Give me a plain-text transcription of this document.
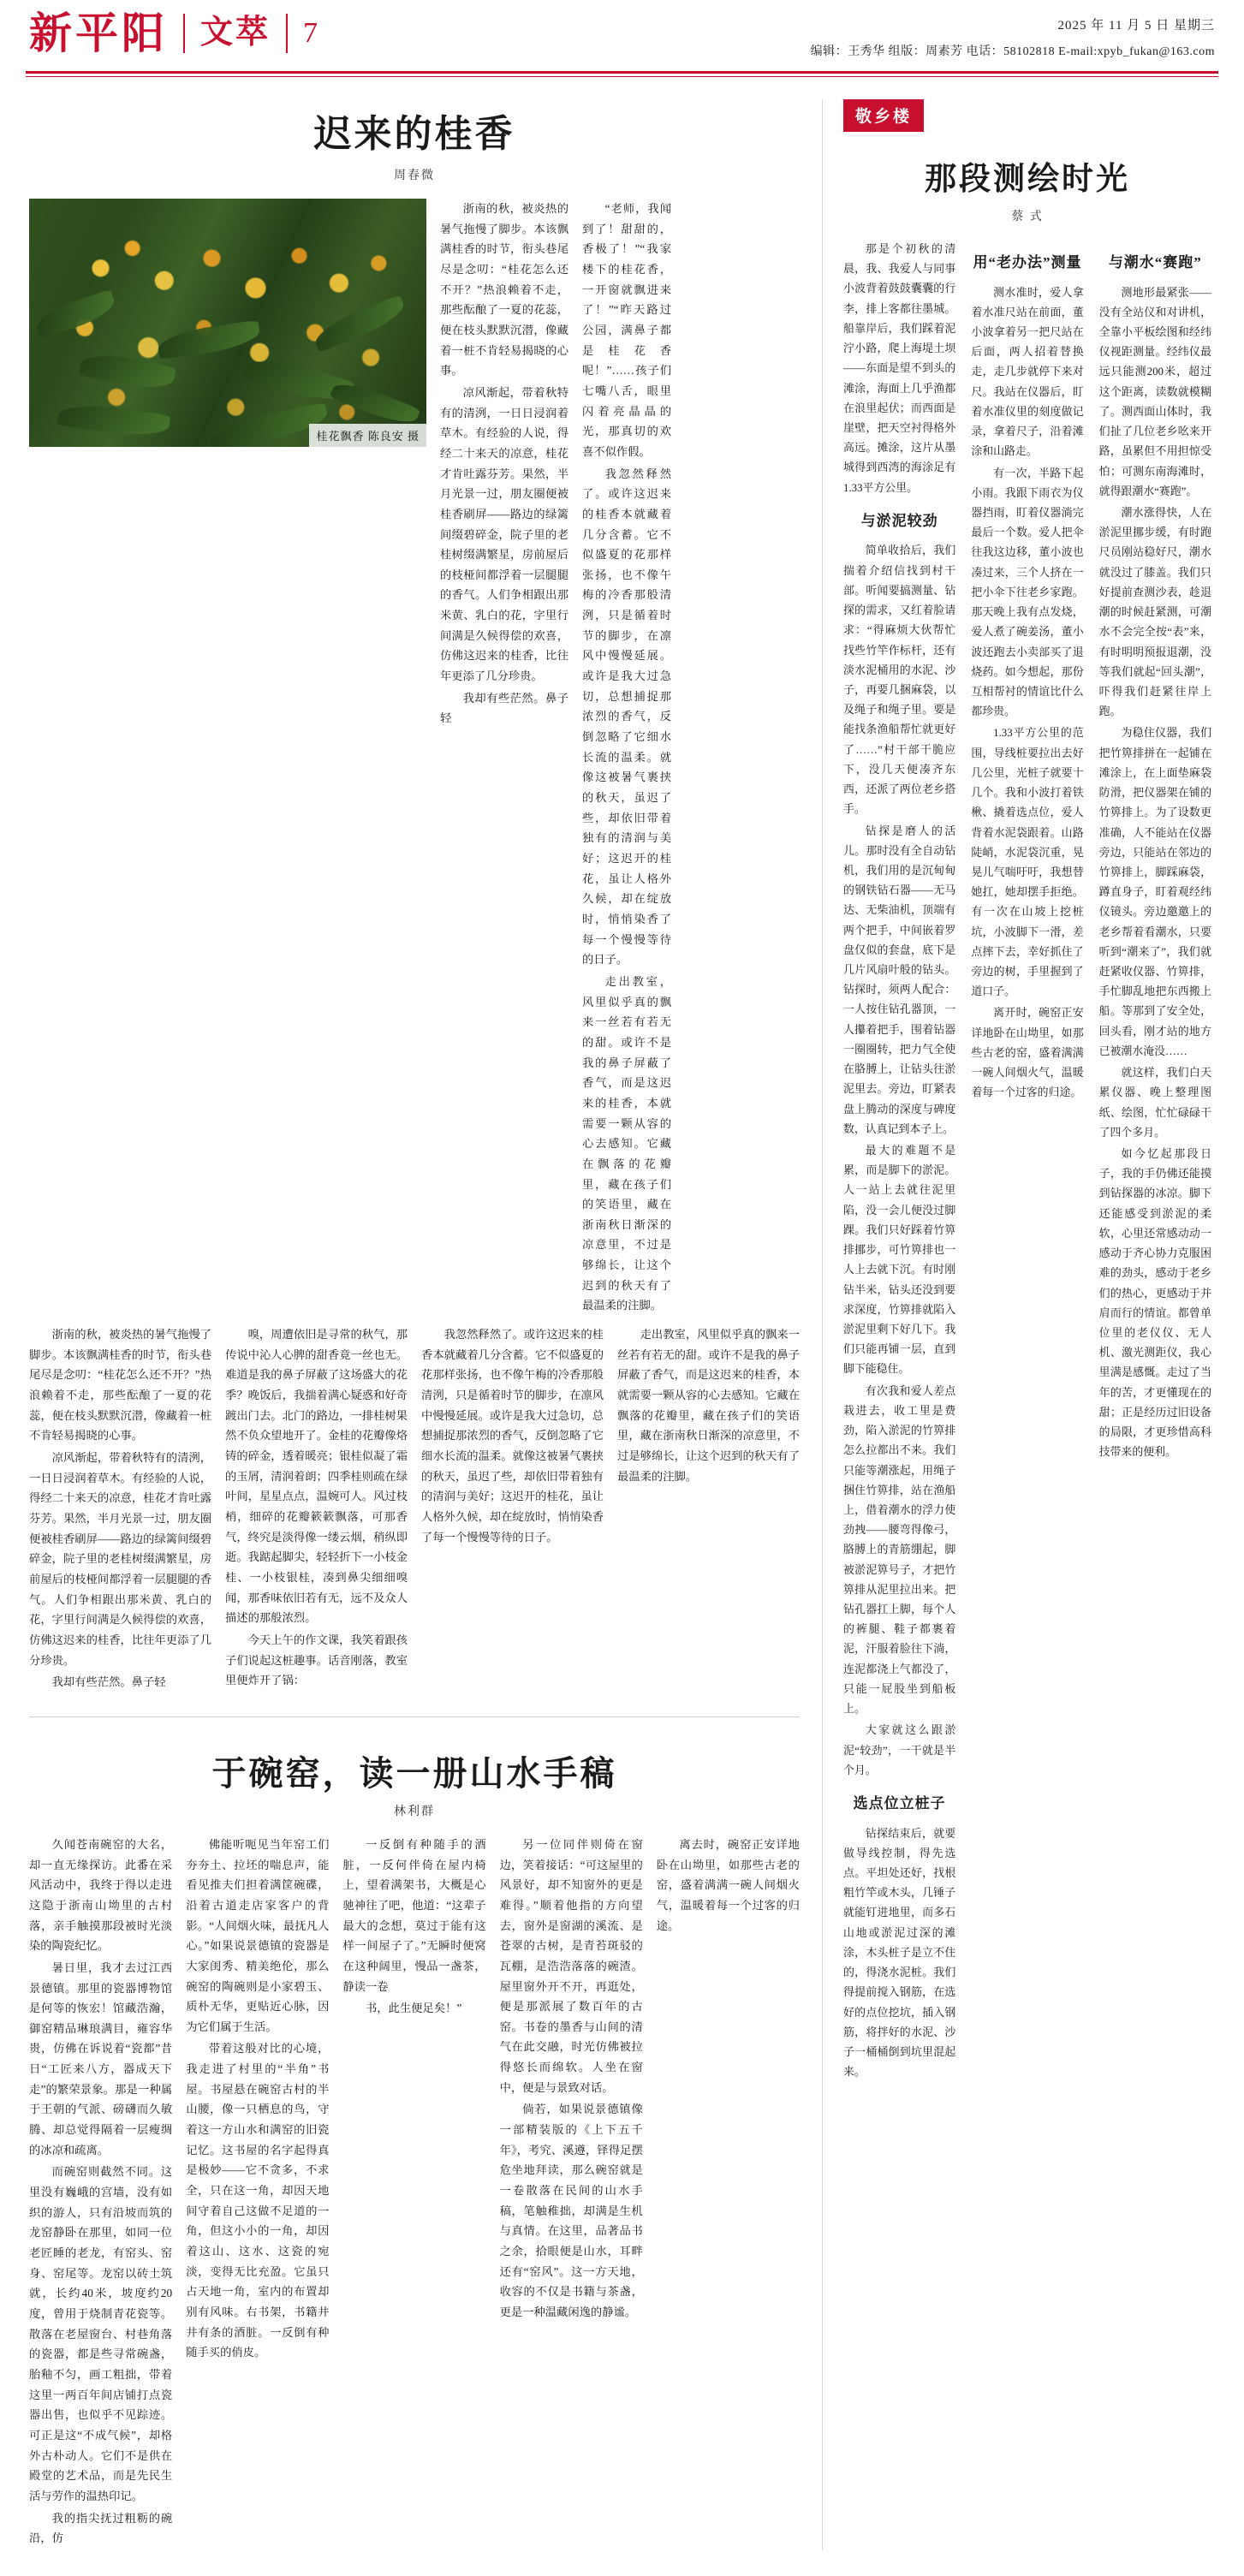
新平阳	文萃	7	2025 年 11 月 5 日 星期三
编辑：王秀华 组版：周素芳 电话：58102818 E-mail:xpyb_fukan@163.com
迟来的桂香
周春微
桂花飘香 陈良安 摄

浙南的秋，被炎热的暑气拖慢了脚步。本该飘满桂香的时节，衔头巷尾尽是念叨：“桂花怎么还不开？”热浪赖着不走，那些酝酿了一夏的花蕊，便在枝头默默沉潜，像藏着一桩不肯轻易揭晓的心事。

凉风渐起，带着秋特有的清洌，一日日浸润着草木。有经验的人说，得经二十来天的凉意，桂花才肯吐露芬芳。果然，半月光景一过，朋友圈便被桂香刷屏——路边的绿篱间缀碧碎金，院子里的老桂树缀满繁星，房前屋后的枝桠间都浮着一层腿腿的香气。人们争相跟出那米黄、乳白的花，字里行间满是久候得偿的欢喜，仿佛这迟来的桂香，比往年更添了几分珍贵。

我却有些茫然。鼻子轻

“老师，我闻到了！甜甜的，香极了！”“我家楼下的桂花香，一开窗就飘进来了！”“昨天路过公园，满鼻子都是桂花香呢！”……孩子们七嘴八舌，眼里闪着亮晶晶的光，那真切的欢喜不似作假。

我忽然释然了。或许这迟来的桂香本就藏着几分含蓄。它不似盛夏的花那样张扬，也不像午梅的冷香那般清洌，只是循着时节的脚步，在凛风中慢慢延展。或许是我大过急切，总想捕捉那浓烈的香气，反倒忽略了它细水长流的温柔。就像这被暑气裹挟的秋天，虽迟了些，却依旧带着独有的清润与美好；这迟开的桂花，虽让人格外久候，却在绽放时，悄悄染香了每一个慢慢等待的日子。

走出教室，风里似乎真的飘来一丝若有若无的甜。或许不是我的鼻子屏蔽了香气，而是这迟来的桂香，本就需要一颗从容的心去感知。它藏在飘落的花瓣里，藏在孩子们的笑语里，藏在浙南秋日渐深的凉意里，不过是够绵长，让这个迟到的秋天有了最温柔的注脚。

浙南的秋，被炎热的暑气拖慢了脚步。本该飘满桂香的时节，衔头巷尾尽是念叨：“桂花怎么还不开？”热浪赖着不走，那些酝酿了一夏的花蕊，便在枝头默默沉潜，像藏着一桩不肯轻易揭晓的心事。

凉风渐起，带着秋特有的清洌，一日日浸润着草木。有经验的人说，得经二十来天的凉意，桂花才肯吐露芬芳。果然，半月光景一过，朋友圈便被桂香刷屏——路边的绿篱间缀碧碎金，院子里的老桂树缀满繁星，房前屋后的枝桠间都浮着一层腿腿的香气。人们争相跟出那米黄、乳白的花，字里行间满是久候得偿的欢喜，仿佛这迟来的桂香，比往年更添了几分珍贵。

我却有些茫然。鼻子轻

嗅，周遭依旧是寻常的秋气，那传说中沁人心脾的甜香竟一丝也无。难道是我的鼻子屏蔽了这场盛大的花季？晚饭后，我揣着满心疑惑和好奇踱出门去。北门的路边，一排桂树果然不负众望地开了。金桂的花瓣像烙铸的碎金，透着暖亮；银桂似凝了霜的玉屑，清润着朗；四季桂则疏在绿叶间，星星点点，温婉可人。风过枝梢，细碎的花瓣簌簌飘落，可那香气，终究是淡得像一缕云烟，稍纵即逝。我踮起脚尖，轻轻折下一小枝金桂、一小枝银桂，凑到鼻尖细细嗅闻，那香味依旧若有无，远不及众人描述的那般浓烈。

今天上午的作文课，我笑着跟孩子们说起这桩趣事。话音刚落，教室里便炸开了锅：

我忽然释然了。或许这迟来的桂香本就藏着几分含蓄。它不似盛夏的花那样张扬，也不像午梅的冷香那般清洌，只是循着时节的脚步，在凛风中慢慢延展。或许是我大过急切，总想捕捉那浓烈的香气，反倒忽略了它细水长流的温柔。就像这被暑气裹挟的秋天，虽迟了些，却依旧带着独有的清润与美好；这迟开的桂花，虽让人格外久候，却在绽放时，悄悄染香了每一个慢慢等待的日子。

走出教室，风里似乎真的飘来一丝若有若无的甜。或许不是我的鼻子屏蔽了香气，而是这迟来的桂香，本就需要一颗从容的心去感知。它藏在飘落的花瓣里，藏在孩子们的笑语里，藏在浙南秋日渐深的凉意里，不过是够绵长，让这个迟到的秋天有了最温柔的注脚。

于碗窑，读一册山水手稿
林利群

久闻苍南碗窑的大名，却一直无缘探访。此番在采风活动中，我终于得以走进这隐于浙南山坳里的古村落，亲手触摸那段被时光淡染的陶瓷纪忆。

暑日里，我才去过江西景德镇。那里的瓷器博物馆是何等的恢宏！馆藏浩瀚，御窑精品琳琅满目，雍容华贵，仿佛在诉说着“瓷都”昔日“工匠来八方，器成天下走”的繁荣景象。那是一种属于王朝的气派、磅礴而久敏腾、却总觉得隔着一层瘦绸的冰凉和疏离。

而碗窑则截然不同。这里没有巍峨的宫墙，没有如织的游人，只有沿坡而筑的龙窑静卧在那里，如同一位老匠睡的老龙，有窑头、窑身、窑尾等。龙窑以砖土筑就，长约40米，坡度约20度，曾用于烧制青花瓷等。散落在老屋窗台、村巷角落的瓷器，都是些寻常碗盏，胎釉不匀，画工粗拙，带着这里一两百年间店铺打点瓷器出售，也似乎不见踪迹。可正是这“不成气候”，却格外古朴动人。它们不是供在殿堂的艺术品，而是先民生活与劳作的温热印记。

我的指尖抚过粗粝的碗沿，仿

佛能听呃见当年窑工们夯夯土、拉坯的喘息声，能看见推夫们担着满筐碗碟，沿着古道走店家客户的背影。“人间烟火味，最抚凡人心。”如果说景德镇的瓷器是大家闺秀、精美绝伦，那么碗窑的陶碗则是小家碧玉、质朴无华，更贴近心脉，因为它们属于生活。

带着这般对比的心境，我走进了村里的“半角”书屋。书屋悬在碗窑古村的半山腰，像一只栖息的鸟，守着这一方山水和满窑的旧瓷记忆。这书屋的名字起得真是极妙——它不贪多，不求全，只在这一角，却因天地间守着自己这做不足道的一角，但这小小的一角，却因着这山、这水、这瓷的宛淡，变得无比充盈。它虽只占天地一角，室内的布置却别有风味。右书架，书籍井井有条的酒脏。一反倒有种随手买的俏皮。

一反倒有种随手的酒脏，一反何伴倚在屋内椅上，望着满架书，大概是心驰神往了吧，他道：“这辈子最大的念想，莫过于能有这样一间屋子了。”无瞬时便窝在这种阔里，慢品一盏茶，静读一卷

书，此生便足矣！”

另一位同伴则倚在窗边，笑着接话：“可这屋里的风景好，却不知窗外的更是难得。”顺着他指的方向望去，窗外是窗湖的溪流、是苍翠的古树，是青苔斑驳的瓦棚，是浩浩落落的碗渣。屋里窗外开不开，再逛处，便是那派展了数百年的古窑。书卷的墨香与山间的清气在此交融，时光仿佛被拉得悠长而绵软。人坐在窗中，便是与景致对话。

倘若，如果说景德镇像一部精装版的《上下五千年》，考究、溪遵，铎得足摆危坐地拜读，那么碗窑就是一卷散落在民间的山水手稿，笔触稚拙，却满是生机与真情。在这里，品著品书之余，拾眼便是山水，耳畔还有“窑风”。这一方天地，收容的不仅是书籍与茶盏，更是一种温藏闲逸的静谧。

离去时，碗窑正安详地卧在山坳里，如那些古老的窑，盛着满满一碗人间烟火气，温暖着每一个过客的归途。

敬乡楼
那段测绘时光
蔡 式

那是个初秋的清晨，我、我爱人与同事小波背着鼓鼓囊囊的行李，排上客都往墨城。船靠岸后，我们踩着泥泞小路，爬上海堤土坝——东面是望不到头的滩涂，海面上几乎渔都在浪里起伏；而西面是崖壁，把天空衬得格外高远。摊涂，这片从墨城得到西湾的海涂足有1.33平方公里。

与淤泥较劲

简单收拾后，我们揣着介绍信找到村干部。听闻要搞测量、钻探的需求，又红着脸请求：“得麻烦大伙帮忙找些竹竿作标杆，还有淡水泥桶用的水泥、沙子，再要几捆麻袋，以及绳子和绳子里。要是能找条渔船帮忙就更好了……”村干部干脆应下，没几天便凑齐东西，还派了两位老乡搭手。

钻探是磨人的活儿。那时没有全自动钻机，我们用的是沉甸甸的钢铁钻石器——无马达、无柴油机，顶端有两个把手，中间嵌着罗盘仅似的套盘，底下是几片风扇叶般的钻头。钻探时，须两人配合：一人按住钻孔器顶，一人攥着把手，围着钻器一圈圈转，把力气全使在胳膊上，让钻头往淤泥里去。旁边，盯紧表盘上腾动的深度与碑度数，认真记到本子上。

最大的难题不是累，而是脚下的淤泥。人一站上去就往泥里陷，没一会儿便没过脚踝。我们只好踩着竹箅排挪步，可竹箅排也一人上去就下沉。有时刚钻半米，钻头还没到要求深度，竹箅排就陷入淤泥里剩下好几下。我们只能再铺一层，直到脚下能稳住。

有次我和爱人差点栽进去，收工里是费劲，陷入淤泥的竹箅排怎么拉都出不来。我们只能等潮涨起，用绳子捆住竹箅排，站在渔船上，借着潮水的浮力使劲拽——腰弯得像弓，胳膊上的青筋绷起，脚被淤泥箅号子，才把竹箅排从泥里拉出来。把钻孔器扛上脚，每个人的裤腿、鞋子都裹着泥，汗服着脸往下淌，连泥都浇上气都没了，只能一屁股坐到船板上。

大家就这么跟淤泥“较劲”，一干就是半个月。

选点位立桩子

钻探结束后，就要做导线控制，得先选点。平坦处还好，找根粗竹竿或木头，几锤子就能钉进地里，而多石山地或淤泥过深的滩涂，木头桩子是立不住的，得浇水泥桩。我们得提前搅入钢筋，在选好的点位挖坑，插入钢筋，将拌好的水泥、沙子一桶桶倒到坑里混起来。

用“老办法”测量

测水准时，爱人拿着水准尺站在前面，董小波拿着另一把尺站在后面，两人招着替换走，走几步就停下来对尺。我站在仪器后，盯着水准仪里的刻度做记录，拿着尺子，沿着滩涂和山路走。

有一次，半路下起小雨。我跟下雨衣为仪器挡雨，盯着仪器淌完最后一个数。爱人把伞往我这边移，董小波也凑过来，三个人挤在一把小伞下往老乡家跑。那天晚上我有点发烧，爱人煮了碗姜汤，董小波还跑去小卖部买了退烧药。如今想起，那份互相帮衬的情谊比什么都珍贵。

1.33平方公里的范围，导线桩要拉出去好几公里，光桩子就要十几个。我和小波打着铁楸、撬着选点位，爱人背着水泥袋跟着。山路陡峭，水泥袋沉重，晃晃儿气喘吁吁，我想替她扛，她却摆手拒绝。有一次在山坡上挖桩坑，小波脚下一滑，差点摔下去，幸好抓住了旁边的树，手里握到了道口子。

离开时，碗窑正安详地卧在山坳里，如那些古老的窑，盛着满满一碗人间烟火气，温暖着每一个过客的归途。

与潮水“赛跑”

测地形最紧张——没有全站仪和对讲机，全靠小平板绘图和经纬仪视距测量。经纬仪最远只能测200米，超过这个距离，读数就模糊了。测西面山体时，我们扯了几位老乡吆来开路，虽累但不用担惊受怕；可测东南海滩时，就得跟潮水“赛跑”。

潮水涨得快，人在淤泥里挪步缓，有时跑尺员刚站稳好尺，潮水就没过了膝盖。我们只好提前查测沙表，趁退潮的时候赶紧测，可潮水不会完全按“表”来，有时明明预报退潮，没等我们就起“回头潮”，吓得我们赶紧往岸上跑。

为稳住仪器，我们把竹箅排拼在一起铺在滩涂上，在上面垫麻袋防滑，把仪器架在铺的竹箅排上。为了设数更准确，人不能站在仪器旁边，只能站在邻边的竹箅排上，脚踩麻袋，蹲直身子，盯着观经纬仪镜头。旁边邀邀上的老乡帮着看潮水，只要听到“潮来了”，我们就赶紧收仪器、竹箅排，手忙脚乱地把东西搬上船。等那到了安全处，回头看，刚才站的地方已被潮水淹没……

就这样，我们白天累仪器、晚上整理图纸、绘图，忙忙碌碌干了四个多月。

如今忆起那段日子，我的手仍佛还能摸到钻探器的冰凉。脚下还能感受到淤泥的柔软，心里还常感动动一感动于齐心协力克服困难的劲头，感动于老乡们的热心，更感动于并肩而行的情谊。都曾单位里的老仪仪、无人机、激光测距仪，我心里满是感慨。走过了当年的苦，才更懂现在的甜；正是经历过旧设备的局限，才更珍惜高科技带来的便利。
